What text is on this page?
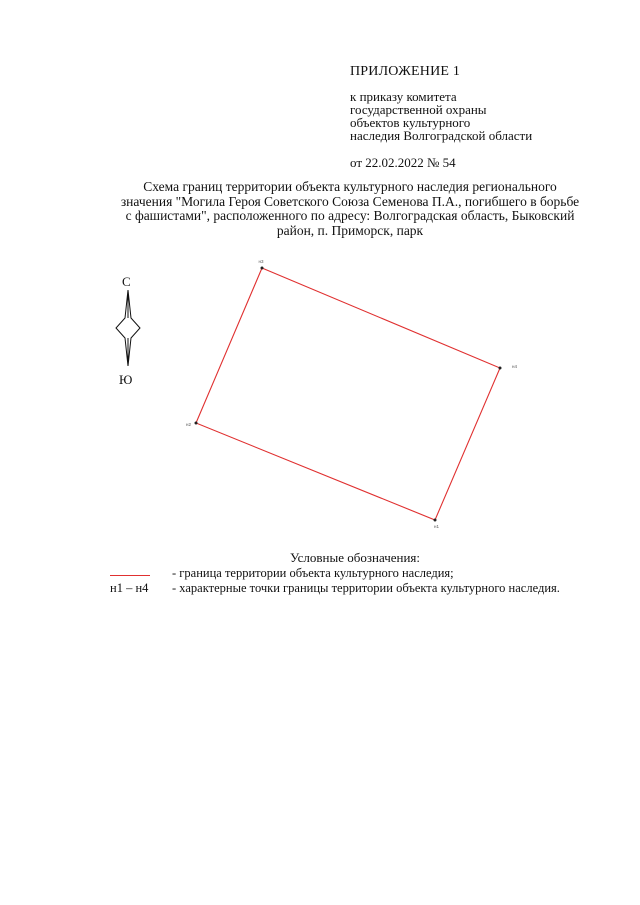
ПРИЛОЖЕНИЕ 1
к приказу комитета
государственной охраны
объектов культурного
наследия Волгоградской области
от 22.02.2022 № 54
Схема границ территории объекта культурного наследия регионального
значения "Могила Героя Советского Союза Семенова П.А., погибшего в борьбе
с фашистами", расположенного по адресу: Волгоградская область, Быковский
район, п. Приморск, парк
С
Ю
н1
н2
н3
н4
Условные обозначения:
- граница территории объекта культурного наследия;
н1 – н4 - характерные точки границы территории объекта культурного наследия.
